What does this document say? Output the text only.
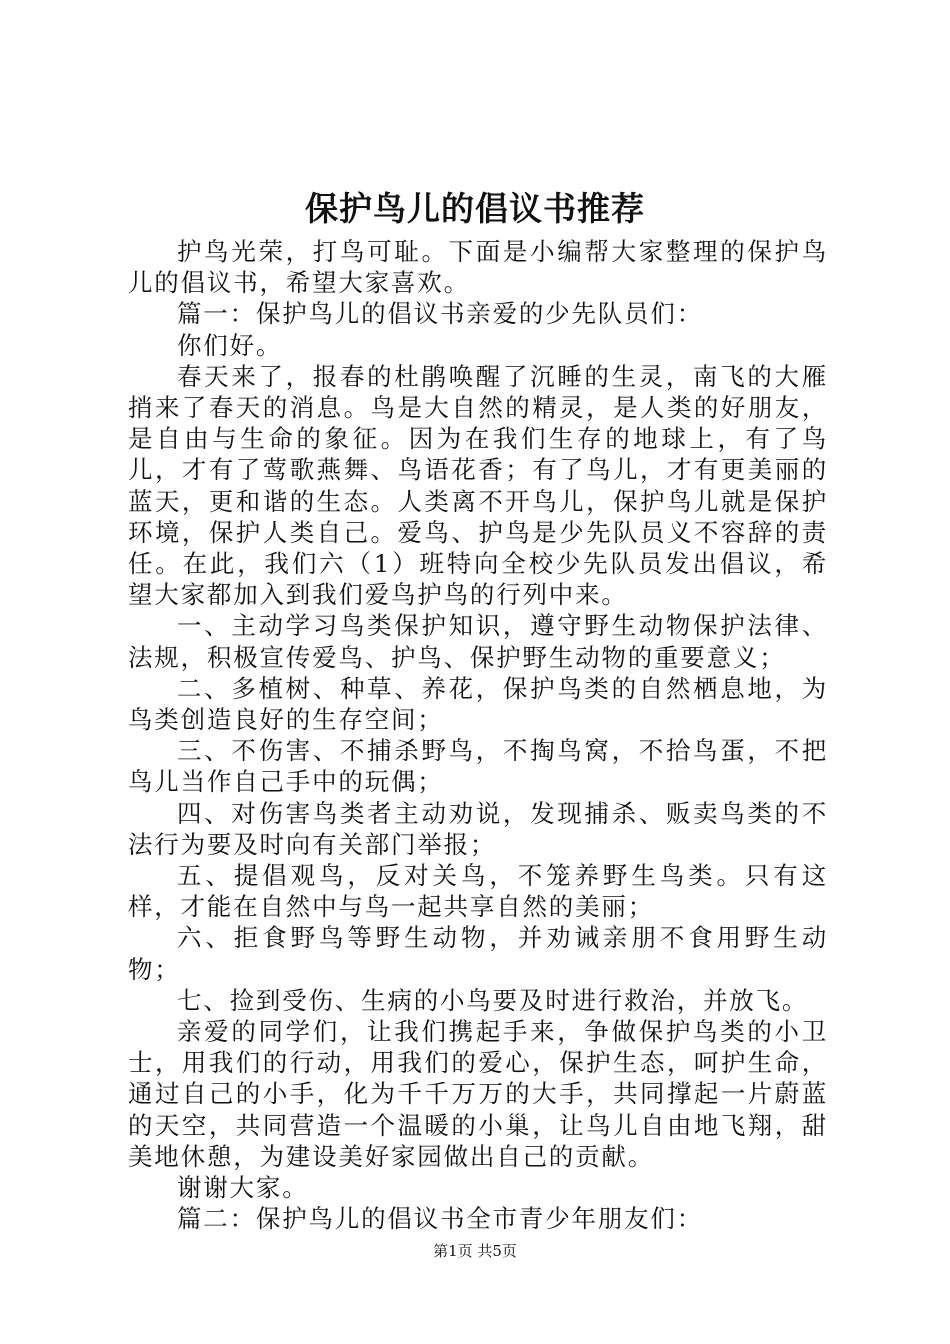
保护鸟儿的倡议书推荐

护鸟光荣，打鸟可耻。下面是小编帮大家整理的保护鸟儿的倡议书，希望大家喜欢。

篇一：保护鸟儿的倡议书亲爱的少先队员们：

你们好。

春天来了，报春的杜鹃唤醒了沉睡的生灵，南飞的大雁捎来了春天的消息。鸟是大自然的精灵，是人类的好朋友，是自由与生命的象征。因为在我们生存的地球上，有了鸟儿，才有了莺歌燕舞、鸟语花香；有了鸟儿，才有更美丽的蓝天，更和谐的生态。人类离不开鸟儿，保护鸟儿就是保护环境，保护人类自己。爱鸟、护鸟是少先队员义不容辞的责任。在此，我们六（1）班特向全校少先队员发出倡议，希望大家都加入到我们爱鸟护鸟的行列中来。

一、主动学习鸟类保护知识，遵守野生动物保护法律、法规，积极宣传爱鸟、护鸟、保护野生动物的重要意义；

二、多植树、种草、养花，保护鸟类的自然栖息地，为鸟类创造良好的生存空间；

三、不伤害、不捕杀野鸟，不掏鸟窝，不拾鸟蛋，不把鸟儿当作自己手中的玩偶；

四、对伤害鸟类者主动劝说，发现捕杀、贩卖鸟类的不法行为要及时向有关部门举报；

五、提倡观鸟，反对关鸟，不笼养野生鸟类。只有这样，才能在自然中与鸟一起共享自然的美丽；

六、拒食野鸟等野生动物，并劝诫亲朋不食用野生动物；

七、捡到受伤、生病的小鸟要及时进行救治，并放飞。

亲爱的同学们，让我们携起手来，争做保护鸟类的小卫士，用我们的行动，用我们的爱心，保护生态，呵护生命，通过自己的小手，化为千千万万的大手，共同撑起一片蔚蓝的天空，共同营造一个温暖的小巢，让鸟儿自由地飞翔，甜美地休憩，为建设美好家园做出自己的贡献。

谢谢大家。

篇二：保护鸟儿的倡议书全市青少年朋友们：

第1页 共5页
